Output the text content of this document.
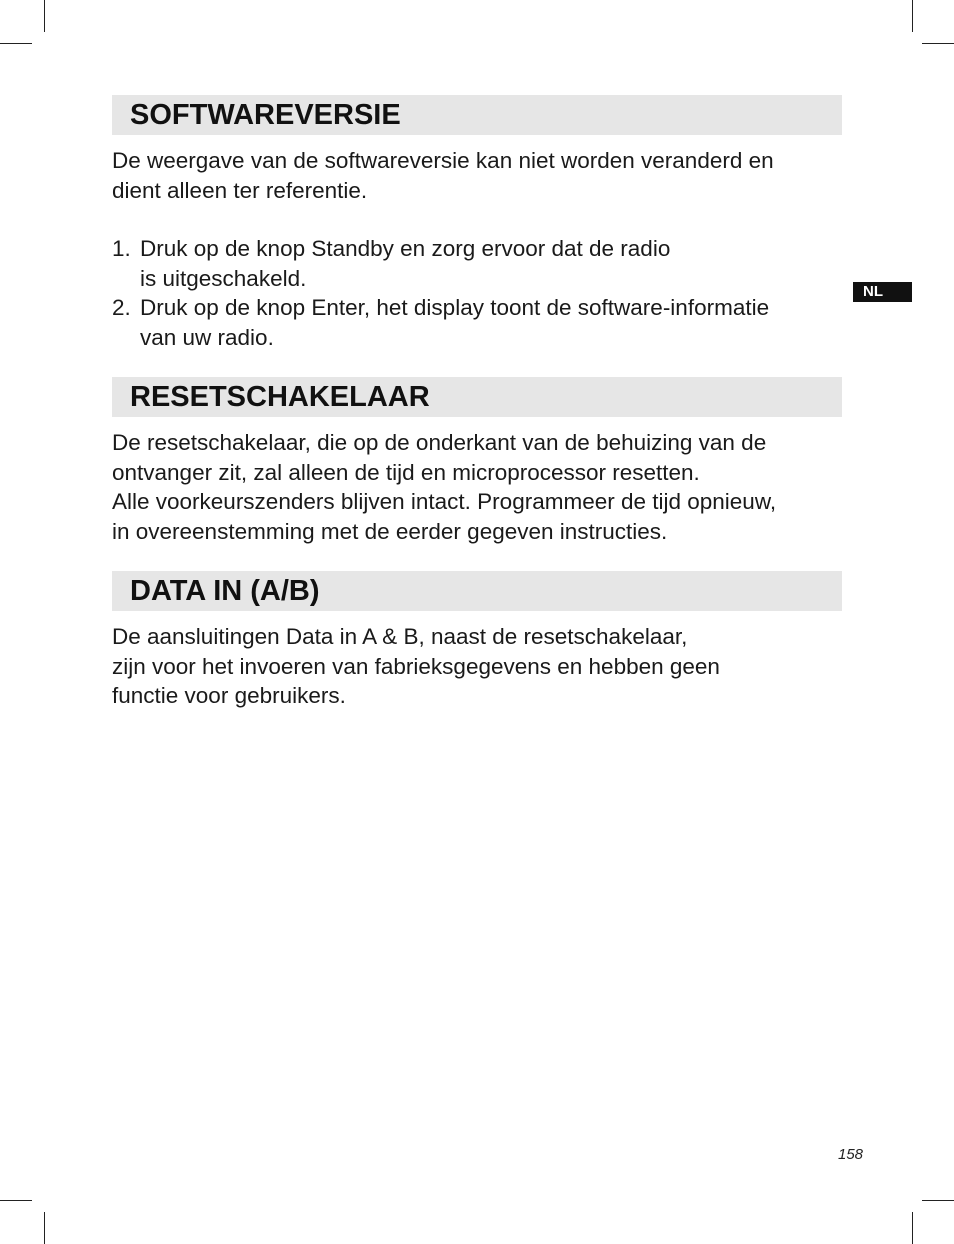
SOFTWAREVERSIE

De weergave van de softwareversie kan niet worden veranderd en
dient alleen ter referentie.

1. Druk op de knop Standby en zorg ervoor dat de radio
is uitgeschakeld.
2. Druk op de knop Enter, het display toont de software-informatie
van uw radio.
RESETSCHAKELAAR

De resetschakelaar, die op de onderkant van de behuizing van de
ontvanger zit, zal alleen de tijd en microprocessor resetten.
Alle voorkeurszenders blijven intact. Programmeer de tijd opnieuw,
in overeenstemming met de eerder gegeven instructies.

DATA IN (A/B)

De aansluitingen Data in A & B, naast de resetschakelaar,
zijn voor het invoeren van fabrieksgegevens en hebben geen
functie voor gebruikers.

NL
158
